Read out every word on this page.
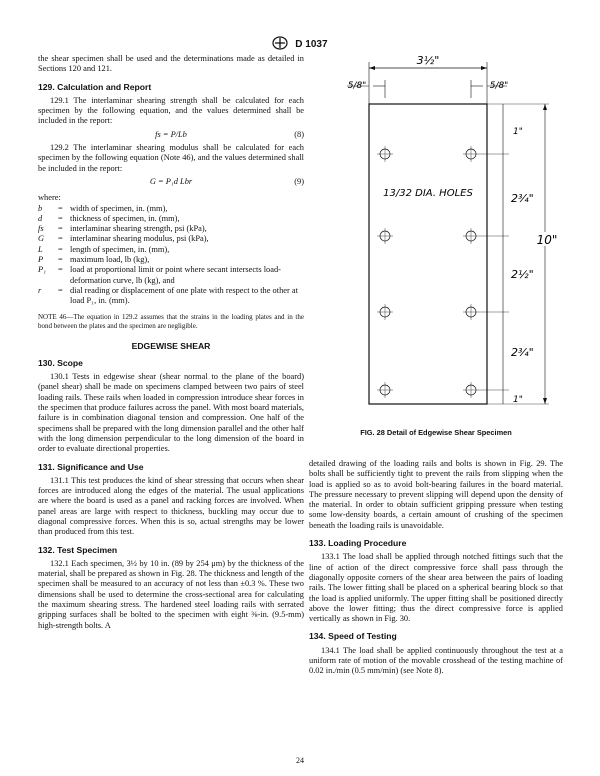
D 1037

the shear specimen shall be used and the determinations made as detailed in Sections 120 and 121.

129. Calculation and Report

129.1 The interlaminar shearing strength shall be calculated for each specimen by the following equation, and the values determined shall be included in the report:

fs = P/Lb	(8)

129.2 The interlaminar shearing modulus shall be calculated for each specimen by the following equation (Note 46), and the values determined shall be included in the report:

G = P₁d Lbr	(9)

where:

b	= width of specimen, in. (mm),
d	= thickness of specimen, in. (mm),
fs	= interlaminar shearing strength, psi (kPa),
G	= interlaminar shearing modulus, psi (kPa),
L	= length of specimen, in. (mm),
P	= maximum load, lb (kg),
P₁	= load at proportional limit or point where secant intersects load-deformation curve, lb (kg), and
r	= dial reading or displacement of one plate with respect to the other at load P₁, in. (mm).

NOTE 46—The equation in 129.2 assumes that the strains in the loading plates and in the bond between the plates and the specimen are negligible.

EDGEWISE SHEAR
130. Scope

130.1 Tests in edgewise shear (shear normal to the plane of the board) (panel shear) shall be made on specimens clamped between two pairs of steel loading rails. These rails when loaded in compression introduce shear forces in the specimen that produce failures across the panel. With most board materials, failure is in combination diagonal tension and compression. One half of the specimens shall be prepared with the long dimension parallel and the other half with the long dimension perpendicular to the long dimension of the board in order to evaluate directional properties.

131. Significance and Use

131.1 This test produces the kind of shear stressing that occurs when shear forces are introduced along the edges of the material. The usual applications are where the board is used as a panel and racking forces are involved. When panel areas are large with respect to thickness, buckling may occur due to diagonal compressive forces. When this is so, actual strengths may be lower than produced from this test.

132. Test Specimen

132.1 Each specimen, 3½ by 10 in. (89 by 254 μm) by the thickness of the material, shall be prepared as shown in Fig. 28. The thickness and length of the specimen shall be measured to an accuracy of not less than ±0.3 %. These two dimensions shall be used to determine the cross-sectional area for calculating the maximum shearing stress. The hardened steel loading rails with serrated gripping surfaces shall be bolted to the specimen with eight ⅜-in. (9.5-mm) high-strength bolts. A

3½"
5/8"	5/8"
13/32 DIA. HOLES
1"
2¾"
2½"
2¾"
1"
10"
FIG. 28 Detail of Edgewise Shear Specimen

detailed drawing of the loading rails and bolts is shown in Fig. 29. The bolts shall be sufficiently tight to prevent the rails from slipping when the load is applied so as to avoid bolt-bearing failures in the board material. The pressure necessary to prevent slipping will depend upon the density of the material. In order to obtain sufficient gripping pressure when testing some low-density boards, a certain amount of crushing of the specimen beneath the loading rails is unavoidable.

133. Loading Procedure

133.1 The load shall be applied through notched fittings such that the line of action of the direct compressive force shall pass through the diagonally opposite corners of the shear area between the pairs of loading rails. The lower fitting shall be placed on a spherical bearing block so that the load is applied uniformly. The upper fitting shall be positioned directly above the lower fitting; thus the direct compressive force is applied vertically as shown in Fig. 30.

134. Speed of Testing

134.1 The load shall be applied continuously throughout the test at a uniform rate of motion of the movable crosshead of the testing machine of 0.02 in./min (0.5 mm/min) (see Note 8).

24
